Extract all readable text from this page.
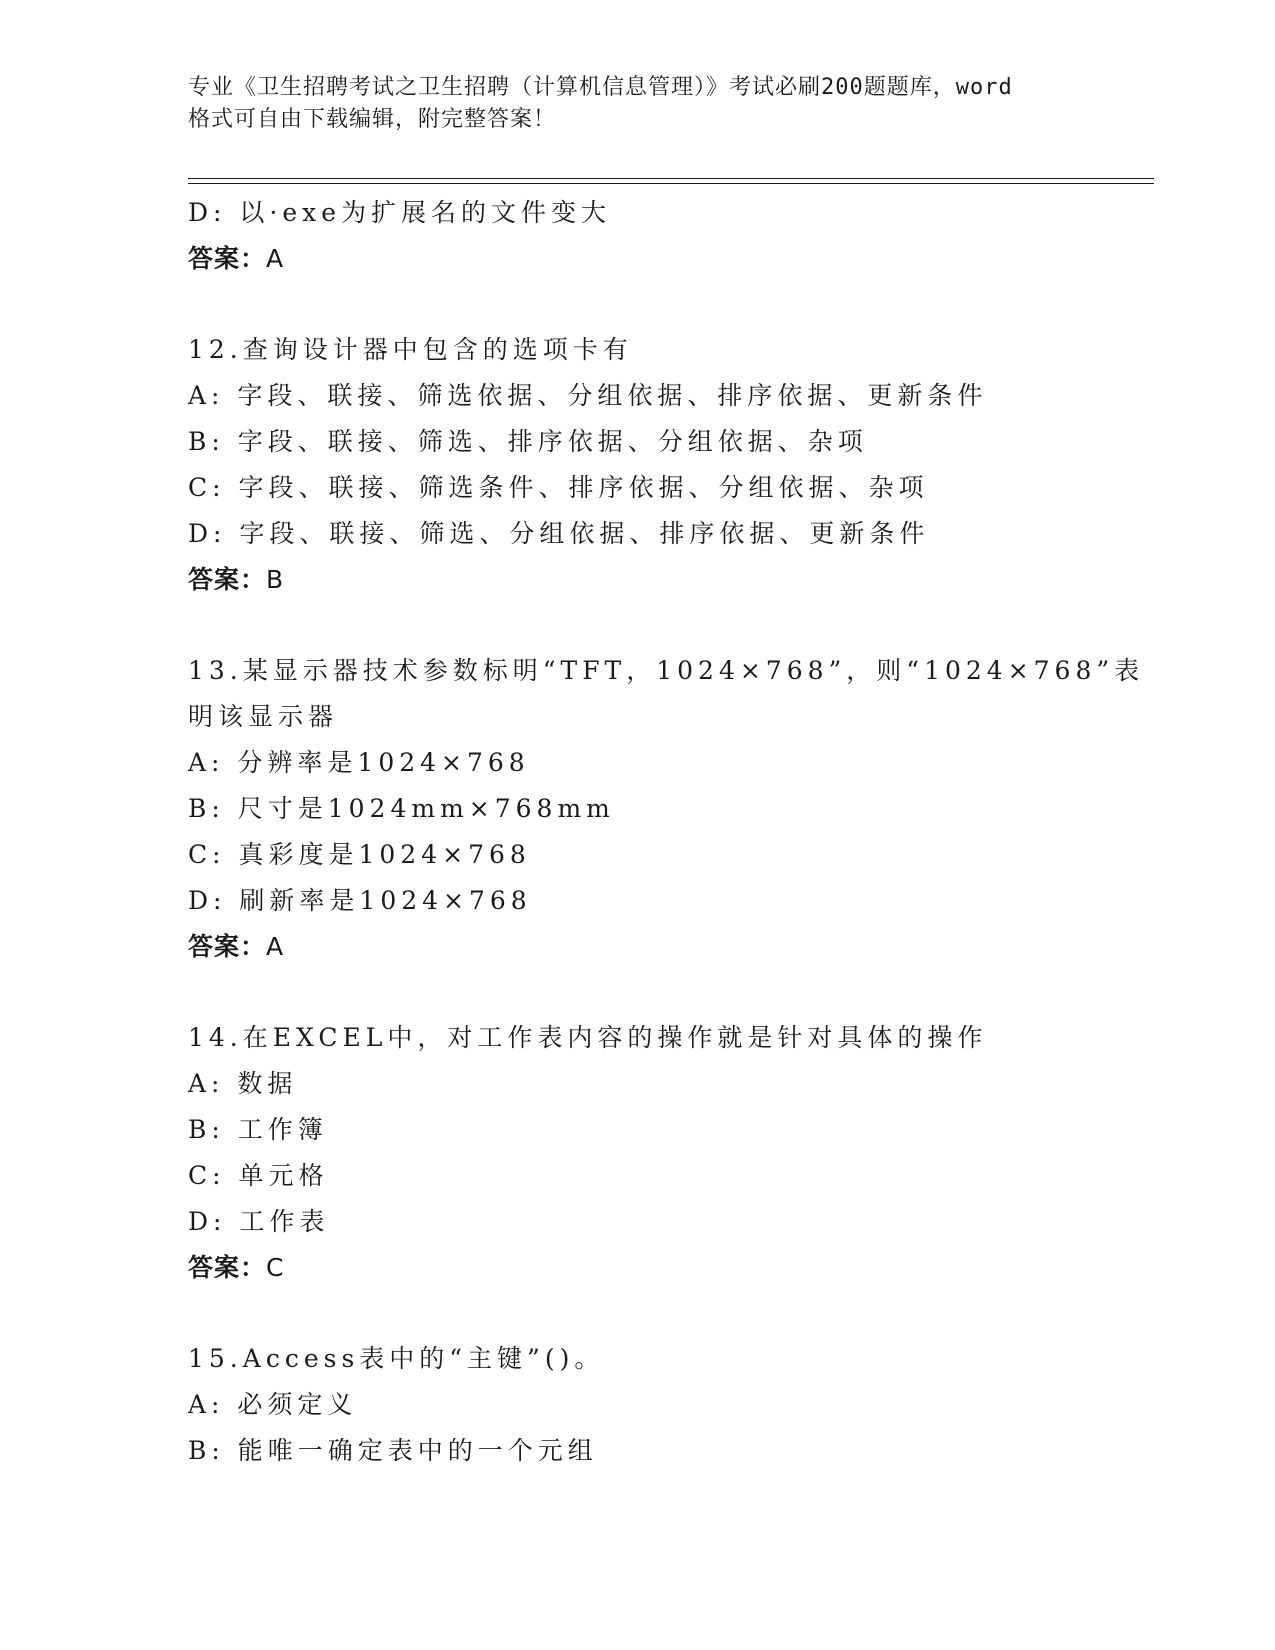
专业《卫生招聘考试之卫生招聘（计算机信息管理）》考试必刷200题题库，word
格式可自由下载编辑，附完整答案！
D: 以·exe为扩展名的文件变大
答案：A
12.查询设计器中包含的选项卡有
A: 字段、联接、筛选依据、分组依据、排序依据、更新条件
B: 字段、联接、筛选、排序依据、分组依据、杂项
C: 字段、联接、筛选条件、排序依据、分组依据、杂项
D: 字段、联接、筛选、分组依据、排序依据、更新条件
答案：B
13.某显示器技术参数标明“TFT，1024×768”，则“1024×768”表
明该显示器
A: 分辨率是1024×768
B: 尺寸是1024mm×768mm
C: 真彩度是1024×768
D: 刷新率是1024×768
答案：A
14.在EXCEL中，对工作表内容的操作就是针对具体的操作
A: 数据
B: 工作簿
C: 单元格
D: 工作表
答案：C
15.Access表中的“主键”()。
A: 必须定义
B: 能唯一确定表中的一个元组
